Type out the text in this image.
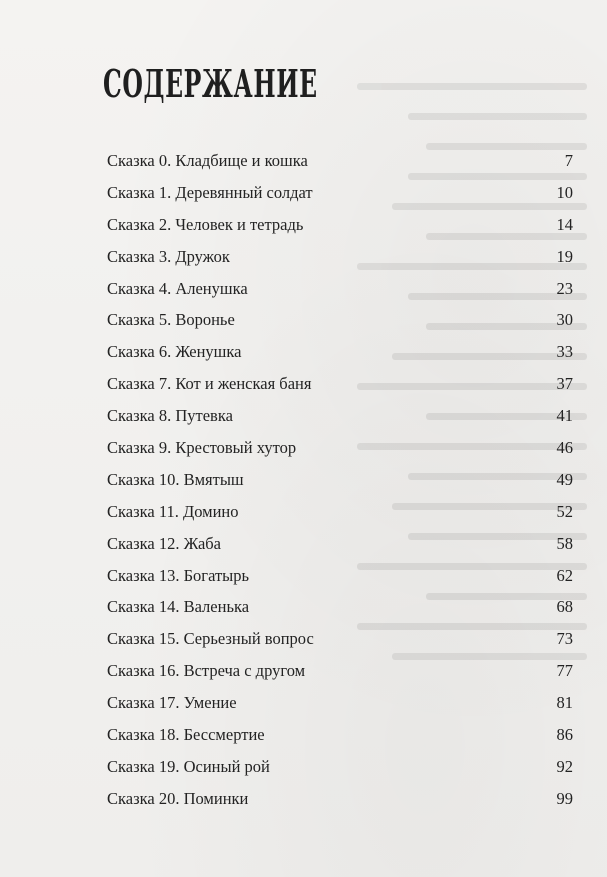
СОДЕРЖАНИЕ
Сказка 0. Кладбище и кошка	7
Сказка 1. Деревянный солдат	10
Сказка 2. Человек и тетрадь	14
Сказка 3. Дружок	19
Сказка 4. Аленушка	23
Сказка 5. Воронье	30
Сказка 6. Женушка	33
Сказка 7. Кот и женская баня	37
Сказка 8. Путевка	41
Сказка 9. Крестовый хутор	46
Сказка 10. Вмятыш	49
Сказка 11. Домино	52
Сказка 12. Жаба	58
Сказка 13. Богатырь	62
Сказка 14. Валенька	68
Сказка 15. Серьезный вопрос	73
Сказка 16. Встреча с другом	77
Сказка 17. Умение	81
Сказка 18. Бессмертие	86
Сказка 19. Осиный рой	92
Сказка 20. Поминки	99
